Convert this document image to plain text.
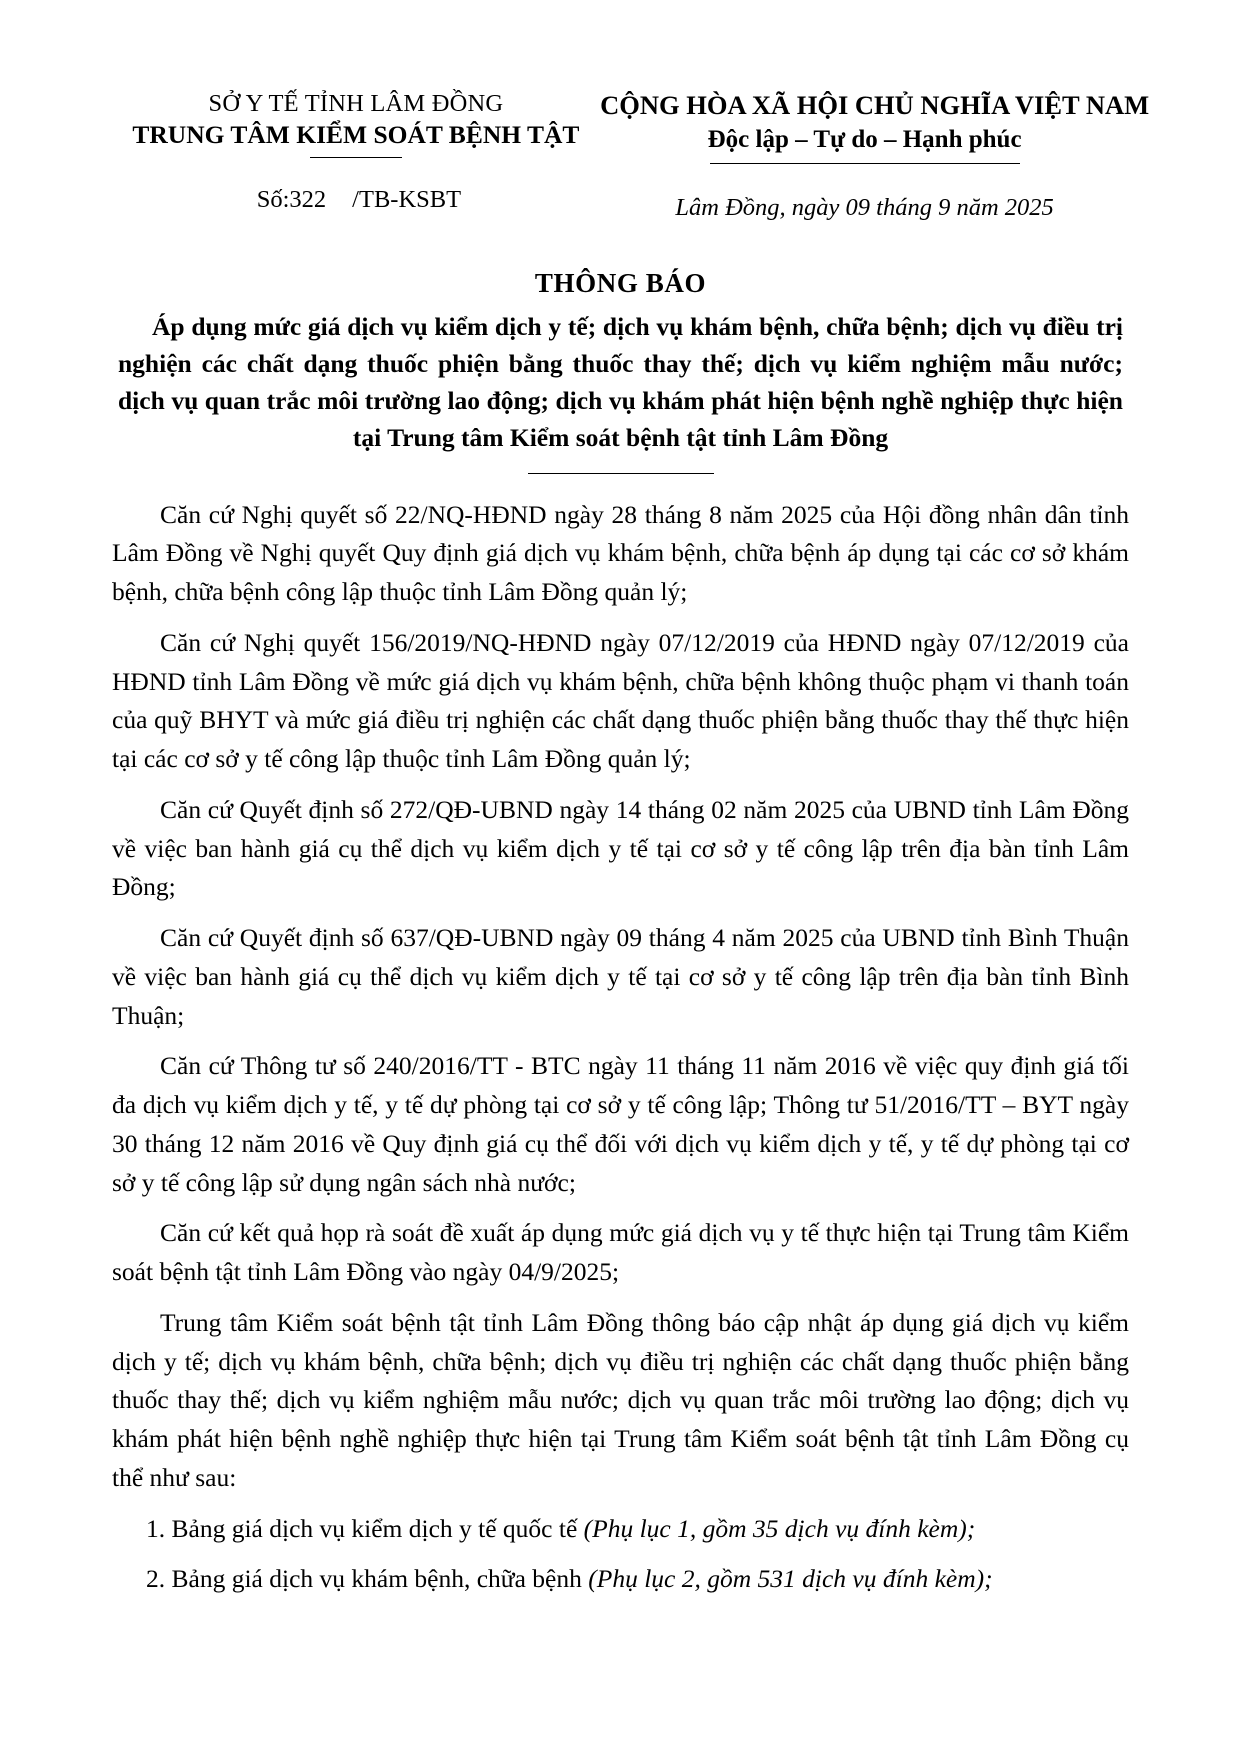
SỞ Y TẾ TỈNH LÂM ĐỒNG
TRUNG TÂM KIỂM SOÁT BỆNH TẬT
Số:322 /TB-KSBT
CỘNG HÒA XÃ HỘI CHỦ NGHĨA VIỆT NAM
Độc lập – Tự do – Hạnh phúc
Lâm Đồng, ngày 09 tháng 9 năm 2025
THÔNG BÁO
Áp dụng mức giá dịch vụ kiểm dịch y tế; dịch vụ khám bệnh, chữa bệnh; dịch vụ điều trị nghiện các chất dạng thuốc phiện bằng thuốc thay thế; dịch vụ kiểm nghiệm mẫu nước; dịch vụ quan trắc môi trường lao động; dịch vụ khám phát hiện bệnh nghề nghiệp thực hiện tại Trung tâm Kiểm soát bệnh tật tỉnh Lâm Đồng

Căn cứ Nghị quyết số 22/NQ-HĐND ngày 28 tháng 8 năm 2025 của Hội đồng nhân dân tỉnh Lâm Đồng về Nghị quyết Quy định giá dịch vụ khám bệnh, chữa bệnh áp dụng tại các cơ sở khám bệnh, chữa bệnh công lập thuộc tỉnh Lâm Đồng quản lý;

Căn cứ Nghị quyết 156/2019/NQ-HĐND ngày 07/12/2019 của HĐND ngày 07/12/2019 của HĐND tỉnh Lâm Đồng về mức giá dịch vụ khám bệnh, chữa bệnh không thuộc phạm vi thanh toán của quỹ BHYT và mức giá điều trị nghiện các chất dạng thuốc phiện bằng thuốc thay thế thực hiện tại các cơ sở y tế công lập thuộc tỉnh Lâm Đồng quản lý;

Căn cứ Quyết định số 272/QĐ-UBND ngày 14 tháng 02 năm 2025 của UBND tỉnh Lâm Đồng về việc ban hành giá cụ thể dịch vụ kiểm dịch y tế tại cơ sở y tế công lập trên địa bàn tỉnh Lâm Đồng;

Căn cứ Quyết định số 637/QĐ-UBND ngày 09 tháng 4 năm 2025 của UBND tỉnh Bình Thuận về việc ban hành giá cụ thể dịch vụ kiểm dịch y tế tại cơ sở y tế công lập trên địa bàn tỉnh Bình Thuận;

Căn cứ Thông tư số 240/2016/TT - BTC ngày 11 tháng 11 năm 2016 về việc quy định giá tối đa dịch vụ kiểm dịch y tế, y tế dự phòng tại cơ sở y tế công lập; Thông tư 51/2016/TT – BYT ngày 30 tháng 12 năm 2016 về Quy định giá cụ thể đối với dịch vụ kiểm dịch y tế, y tế dự phòng tại cơ sở y tế công lập sử dụng ngân sách nhà nước;

Căn cứ kết quả họp rà soát đề xuất áp dụng mức giá dịch vụ y tế thực hiện tại Trung tâm Kiểm soát bệnh tật tỉnh Lâm Đồng vào ngày 04/9/2025;

Trung tâm Kiểm soát bệnh tật tỉnh Lâm Đồng thông báo cập nhật áp dụng giá dịch vụ kiểm dịch y tế; dịch vụ khám bệnh, chữa bệnh; dịch vụ điều trị nghiện các chất dạng thuốc phiện bằng thuốc thay thế; dịch vụ kiểm nghiệm mẫu nước; dịch vụ quan trắc môi trường lao động; dịch vụ khám phát hiện bệnh nghề nghiệp thực hiện tại Trung tâm Kiểm soát bệnh tật tỉnh Lâm Đồng cụ thể như sau:

1. Bảng giá dịch vụ kiểm dịch y tế quốc tế (Phụ lục 1, gồm 35 dịch vụ đính kèm);

2. Bảng giá dịch vụ khám bệnh, chữa bệnh (Phụ lục 2, gồm 531 dịch vụ đính kèm);
